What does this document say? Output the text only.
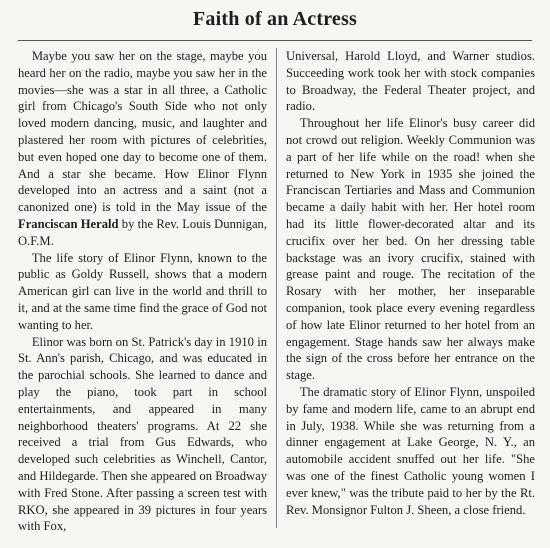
Faith of an Actress

Maybe you saw her on the stage, maybe you heard her on the radio, maybe you saw her in the movies—she was a star in all three, a Catholic girl from Chicago's South Side who not only loved modern dancing, music, and laughter and plastered her room with pictures of celebrities, but even hoped one day to become one of them. And a star she became. How Elinor Flynn developed into an actress and a saint (not a canonized one) is told in the May issue of the Franciscan Herald by the Rev. Louis Dunnigan, O.F.M.

The life story of Elinor Flynn, known to the public as Goldy Russell, shows that a modern American girl can live in the world and thrill to it, and at the same time find the grace of God not wanting to her.

Elinor was born on St. Patrick's day in 1910 in St. Ann's parish, Chicago, and was educated in the parochial schools. She learned to dance and play the piano, took part in school entertainments, and appeared in many neighborhood theaters' programs. At 22 she received a trial from Gus Edwards, who developed such celebrities as Winchell, Cantor, and Hildegarde. Then she appeared on Broadway with Fred Stone. After passing a screen test with RKO, she appeared in 39 pictures in four years with Fox,

Universal, Harold Lloyd, and Warner studios. Succeeding work took her with stock companies to Broadway, the Federal Theater project, and radio.

Throughout her life Elinor's busy career did not crowd out religion. Weekly Communion was a part of her life while on the road! when she returned to New York in 1935 she joined the Franciscan Tertiaries and Mass and Communion became a daily habit with her. Her hotel room had its little flower-decorated altar and its crucifix over her bed. On her dressing table backstage was an ivory crucifix, stained with grease paint and rouge. The recitation of the Rosary with her mother, her inseparable companion, took place every evening regardless of how late Elinor returned to her hotel from an engagement. Stage hands saw her always make the sign of the cross before her entrance on the stage.

The dramatic story of Elinor Flynn, unspoiled by fame and modern life, came to an abrupt end in July, 1938. While she was returning from a dinner engagement at Lake George, N. Y., an automobile accident snuffed out her life. "She was one of the finest Catholic young women I ever knew," was the tribute paid to her by the Rt. Rev. Monsignor Fulton J. Sheen, a close friend.
